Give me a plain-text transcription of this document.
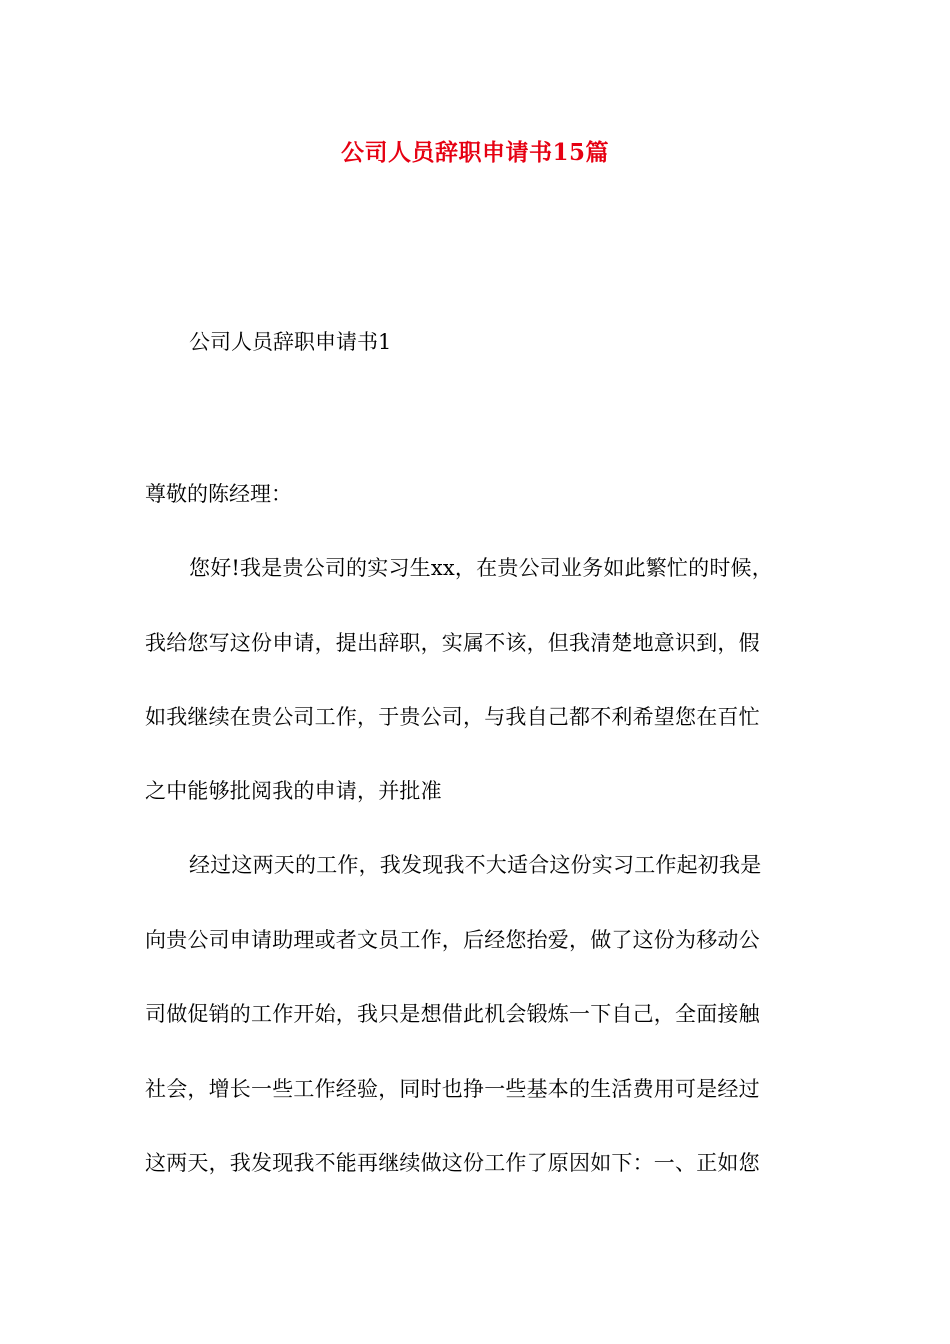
公司人员辞职申请书15篇
公司人员辞职申请书1
尊敬的陈经理：
您好!我是贵公司的实习生xx，在贵公司业务如此繁忙的时候，
我给您写这份申请，提出辞职，实属不该，但我清楚地意识到，假
如我继续在贵公司工作，于贵公司，与我自己都不利希望您在百忙
之中能够批阅我的申请，并批准
经过这两天的工作，我发现我不大适合这份实习工作起初我是
向贵公司申请助理或者文员工作，后经您抬爱，做了这份为移动公
司做促销的工作开始，我只是想借此机会锻炼一下自己，全面接触
社会，增长一些工作经验，同时也挣一些基本的生活费用可是经过
这两天，我发现我不能再继续做这份工作了原因如下：一、正如您
